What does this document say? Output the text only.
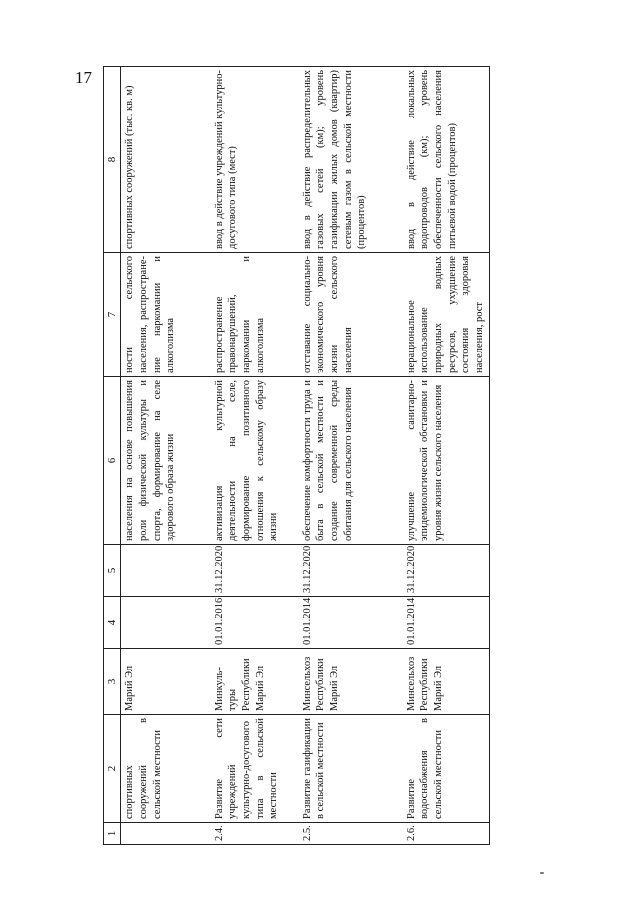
17
1	2	3	4	5	6	7	8
	спортивных сооружений в сельской местности	Марий Эл			населения на основе повышения роли физической культуры и спорта, формирование на селе здорового образа жизни	ности сельского населения, распростране-ние наркомании и алкоголизма	спортивных сооружений (тыс. кв. м)
2.4.	Развитие сети учреждений культурно-досугового типа в сельской местности	Минкуль-туры Республики Марий Эл	01.01.2016	31.12.2020	активизация культурной деятельности на селе, формирование позитивного отношения к сельскому образу жизни	распространение правонарушений, наркомании и алкоголизма	ввод в действие учреждений культурно-досугового типа (мест)
2.5.	Развитие газификации в сельской местности	Минсельхоз Республики Марий Эл	01.01.2014	31.12.2020	обеспечение комфортности труда и быта в сельской местности и создание современной среды обитания для сельского населения	отставание социально-экономического уровня жизни сельского населения	ввод в действие распределительных газовых сетей (км); уровень газификации жилых домов (квартир) сетевым газом в сельской местности (процентов)
2.6.	Развитие водоснабжения в сельской местности	Минсельхоз Республики Марий Эл	01.01.2014	31.12.2020	улучшение санитарно-эпидемиологической обстановки и уровня жизни сельского населения	нерациональное использование природных водных ресурсов, ухудшение состояния здоровья населения, рост	ввод в действие локальных водопроводов (км); уровень обеспеченности сельского населения питьевой водой (процентов)
